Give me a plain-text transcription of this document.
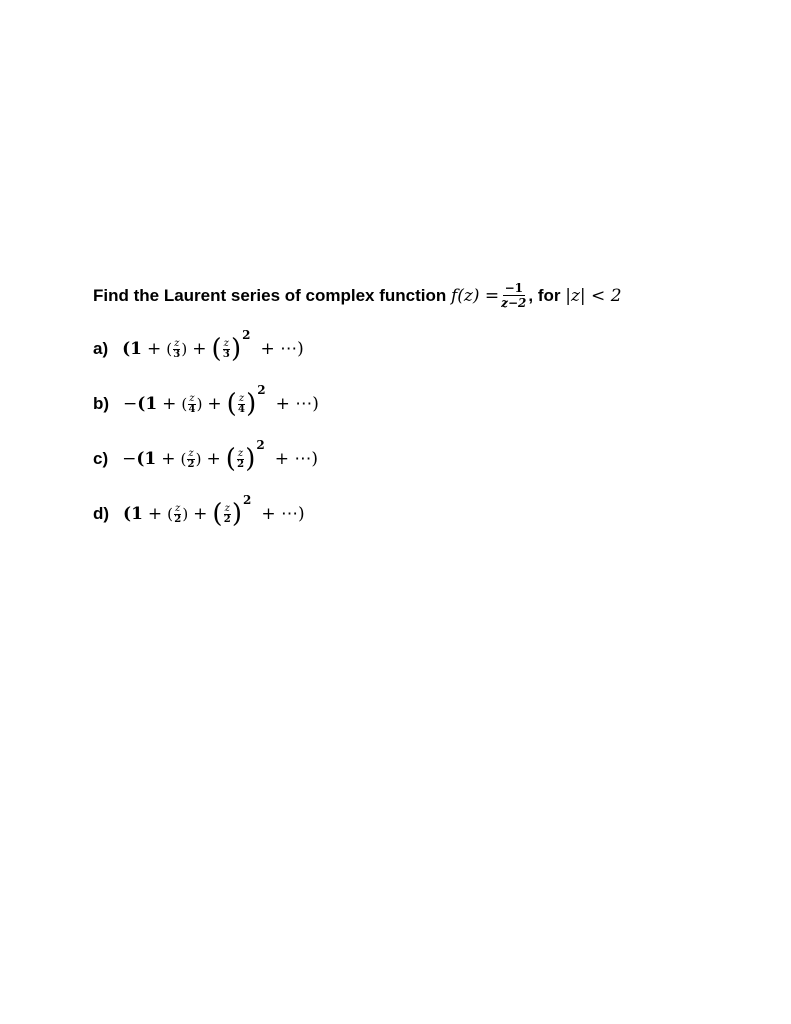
Find the Laurent series of complex function
$f(z) = \frac{-1}{z-2}$ , for
|z| < 2
a) (1 + ( z
3 ) + ( z
3 ) 2
+ ⋯)
b) − (1 + ( z
4 ) + ( z
4 ) 2
+ ⋯)
c) − (1 + ( z
2 ) + ( z
2 ) 2
+ ⋯)
d) (1 + ( z
2 ) + ( z
2 ) 2
+ ⋯)
